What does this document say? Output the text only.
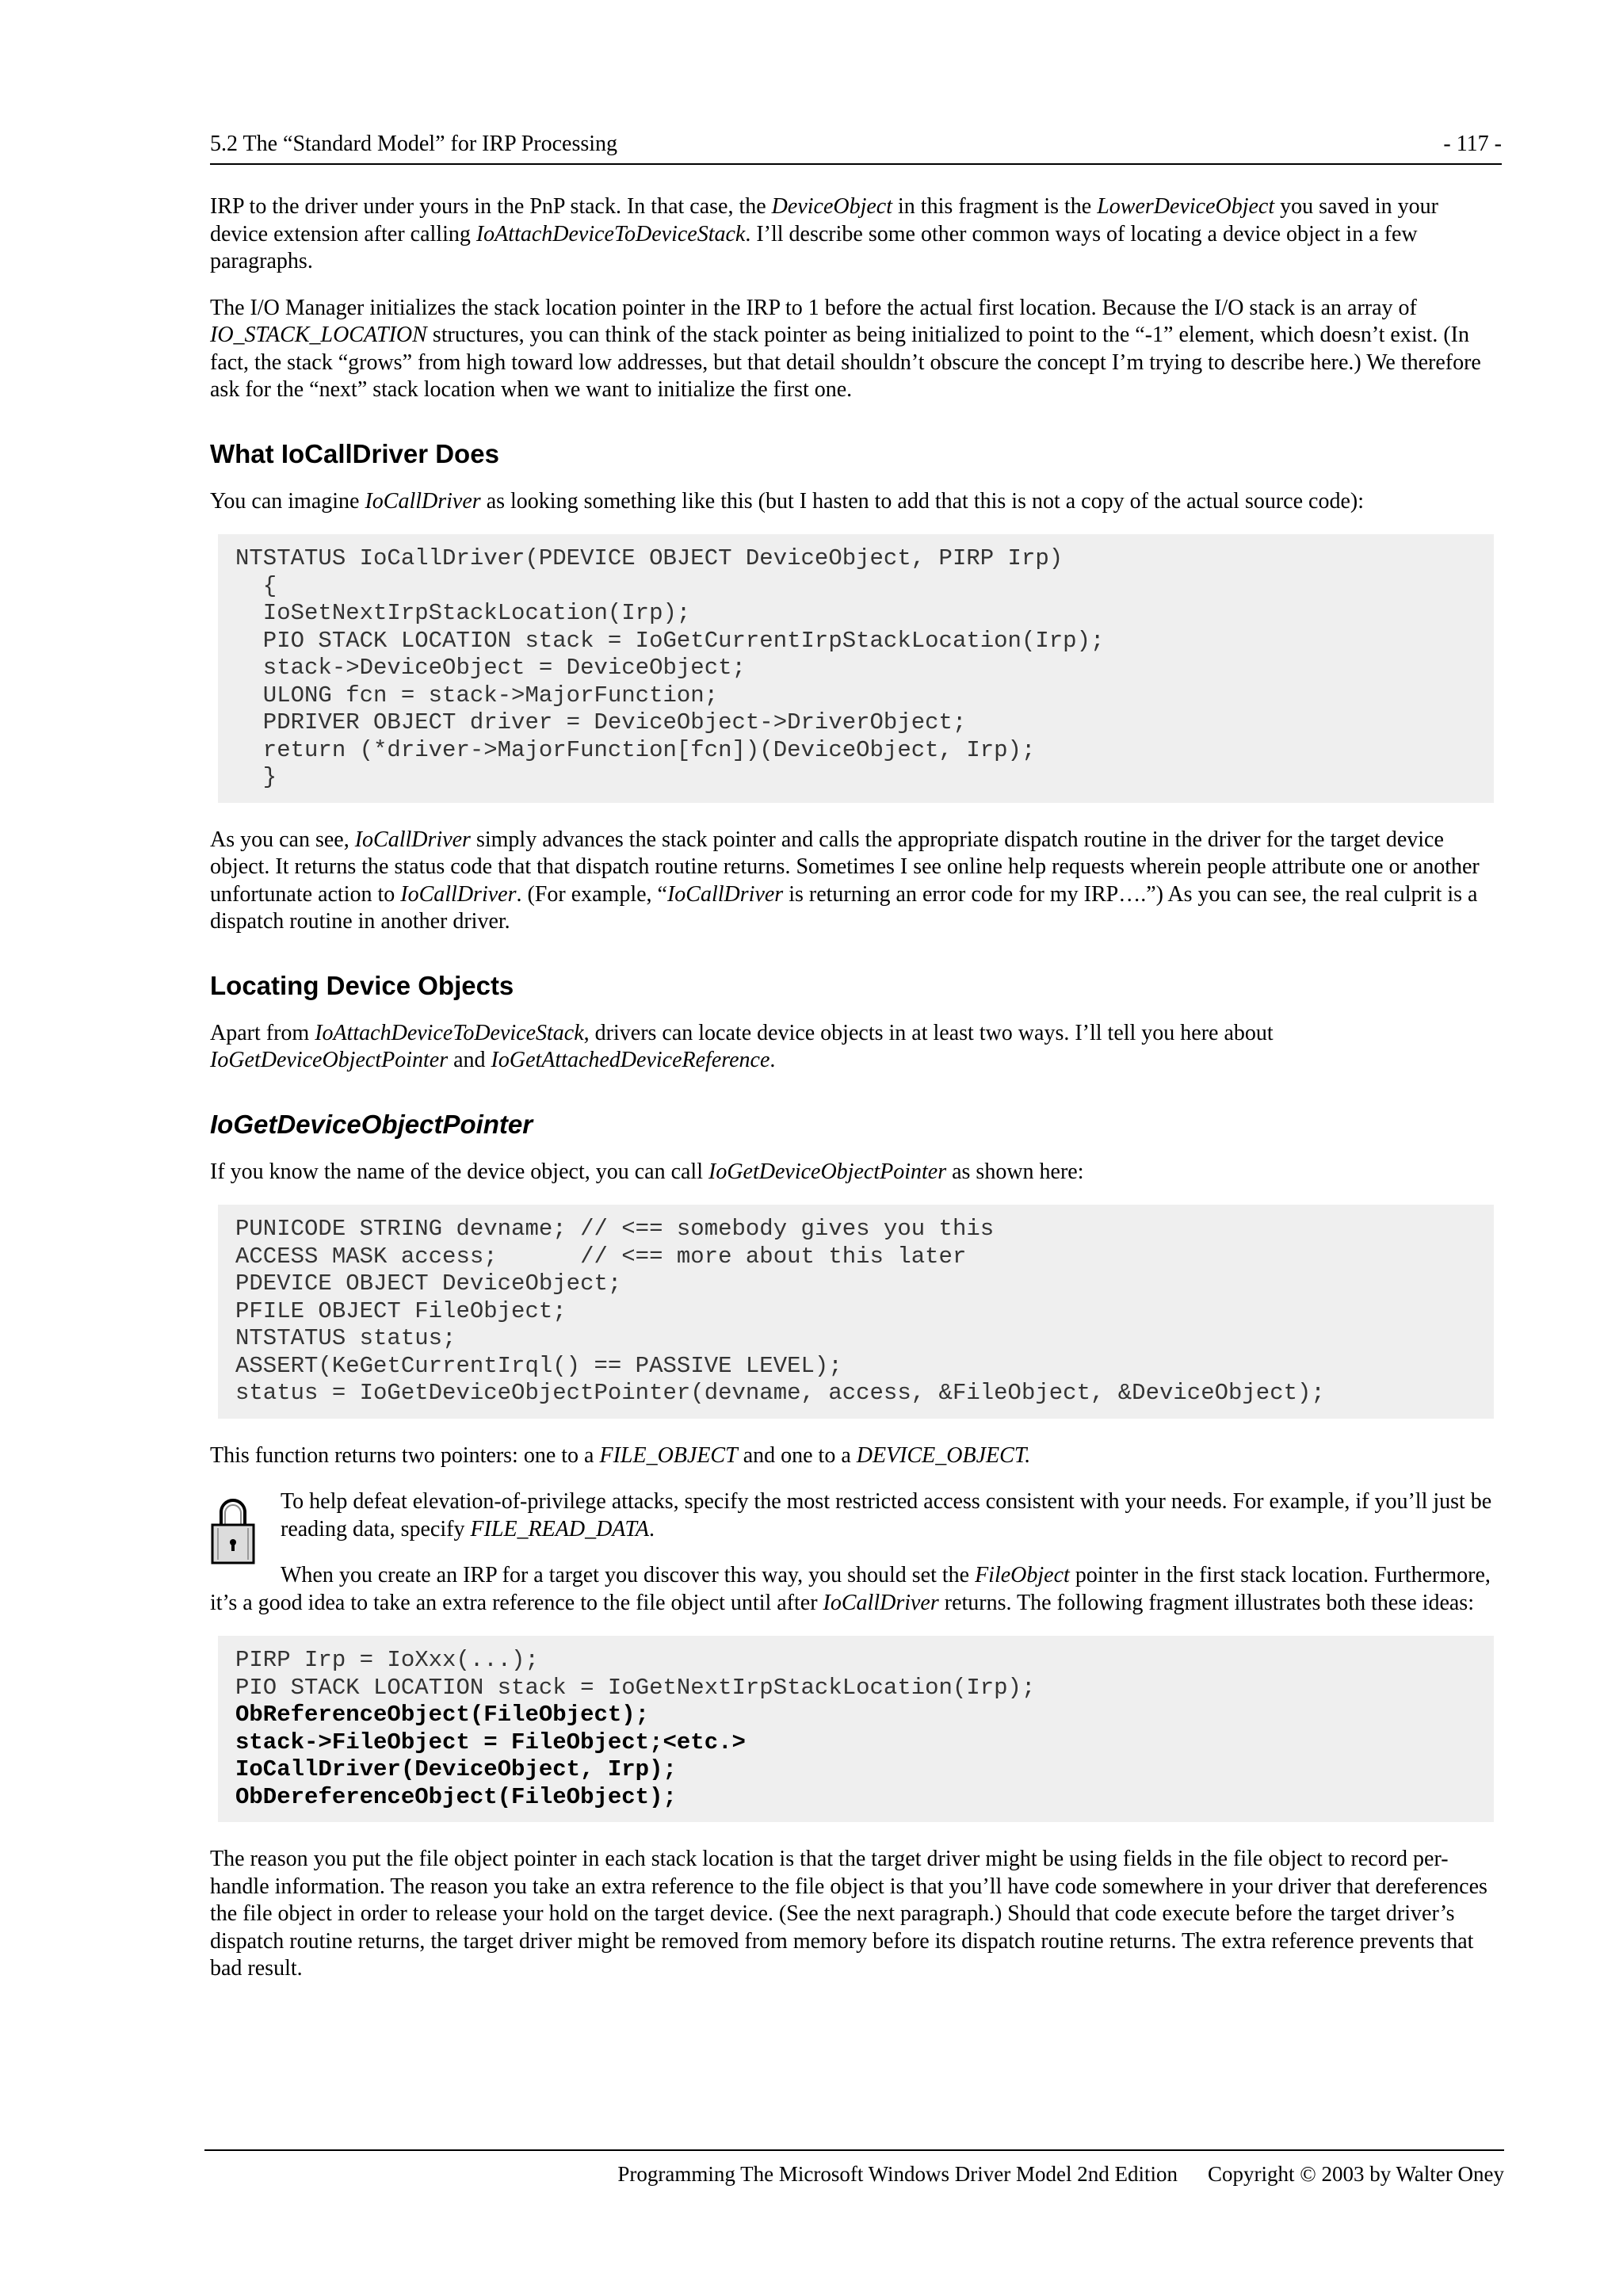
5.2 The “Standard Model” for IRP Processing	- 117 -

IRP to the driver under yours in the PnP stack. In that case, the DeviceObject in this fragment is the LowerDeviceObject you saved in your device extension after calling IoAttachDeviceToDeviceStack. I’ll describe some other common ways of locating a device object in a few paragraphs.

The I/O Manager initializes the stack location pointer in the IRP to 1 before the actual first location. Because the I/O stack is an array of IO_STACK_LOCATION structures, you can think of the stack pointer as being initialized to point to the “-1” element, which doesn’t exist. (In fact, the stack “grows” from high toward low addresses, but that detail shouldn’t obscure the concept I’m trying to describe here.) We therefore ask for the “next” stack location when we want to initialize the first one.

What IoCallDriver Does

You can imagine IoCallDriver as looking something like this (but I hasten to add that this is not a copy of the actual source code):

NTSTATUS IoCallDriver(PDEVICE OBJECT DeviceObject, PIRP Irp)
{
IoSetNextIrpStackLocation(Irp);
PIO STACK LOCATION stack = IoGetCurrentIrpStackLocation(Irp);
stack->DeviceObject = DeviceObject;
ULONG fcn = stack->MajorFunction;
PDRIVER OBJECT driver = DeviceObject->DriverObject;
return (*driver->MajorFunction[fcn])(DeviceObject, Irp);
}

As you can see, IoCallDriver simply advances the stack pointer and calls the appropriate dispatch routine in the driver for the target device object. It returns the status code that that dispatch routine returns. Sometimes I see online help requests wherein people attribute one or another unfortunate action to IoCallDriver. (For example, “IoCallDriver is returning an error code for my IRP….”) As you can see, the real culprit is a dispatch routine in another driver.

Locating Device Objects

Apart from IoAttachDeviceToDeviceStack, drivers can locate device objects in at least two ways. I’ll tell you here about IoGetDeviceObjectPointer and IoGetAttachedDeviceReference.

IoGetDeviceObjectPointer

If you know the name of the device object, you can call IoGetDeviceObjectPointer as shown here:

PUNICODE STRING devname; // <== somebody gives you this
ACCESS MASK access;      // <== more about this later
PDEVICE OBJECT DeviceObject;
PFILE OBJECT FileObject;
NTSTATUS status;
ASSERT(KeGetCurrentIrql() == PASSIVE LEVEL);
status = IoGetDeviceObjectPointer(devname, access, &FileObject, &DeviceObject);

This function returns two pointers: one to a FILE_OBJECT and one to a DEVICE_OBJECT.

To help defeat elevation-of-privilege attacks, specify the most restricted access consistent with your needs. For example, if you’ll just be reading data, specify FILE_READ_DATA.

When you create an IRP for a target you discover this way, you should set the FileObject pointer in the first stack location. Furthermore, it’s a good idea to take an extra reference to the file object until after IoCallDriver returns. The following fragment illustrates both these ideas:

PIRP Irp = IoXxx(...);
PIO STACK LOCATION stack = IoGetNextIrpStackLocation(Irp);
ObReferenceObject(FileObject);
stack->FileObject = FileObject;<etc.>
IoCallDriver(DeviceObject, Irp);
ObDereferenceObject(FileObject);

The reason you put the file object pointer in each stack location is that the target driver might be using fields in the file object to record per-handle information. The reason you take an extra reference to the file object is that you’ll have code somewhere in your driver that dereferences the file object in order to release your hold on the target device. (See the next paragraph.) Should that code execute before the target driver’s dispatch routine returns, the target driver might be removed from memory before its dispatch routine returns. The extra reference prevents that bad result.

Programming The Microsoft Windows Driver Model 2nd Edition Copyright © 2003 by Walter Oney
